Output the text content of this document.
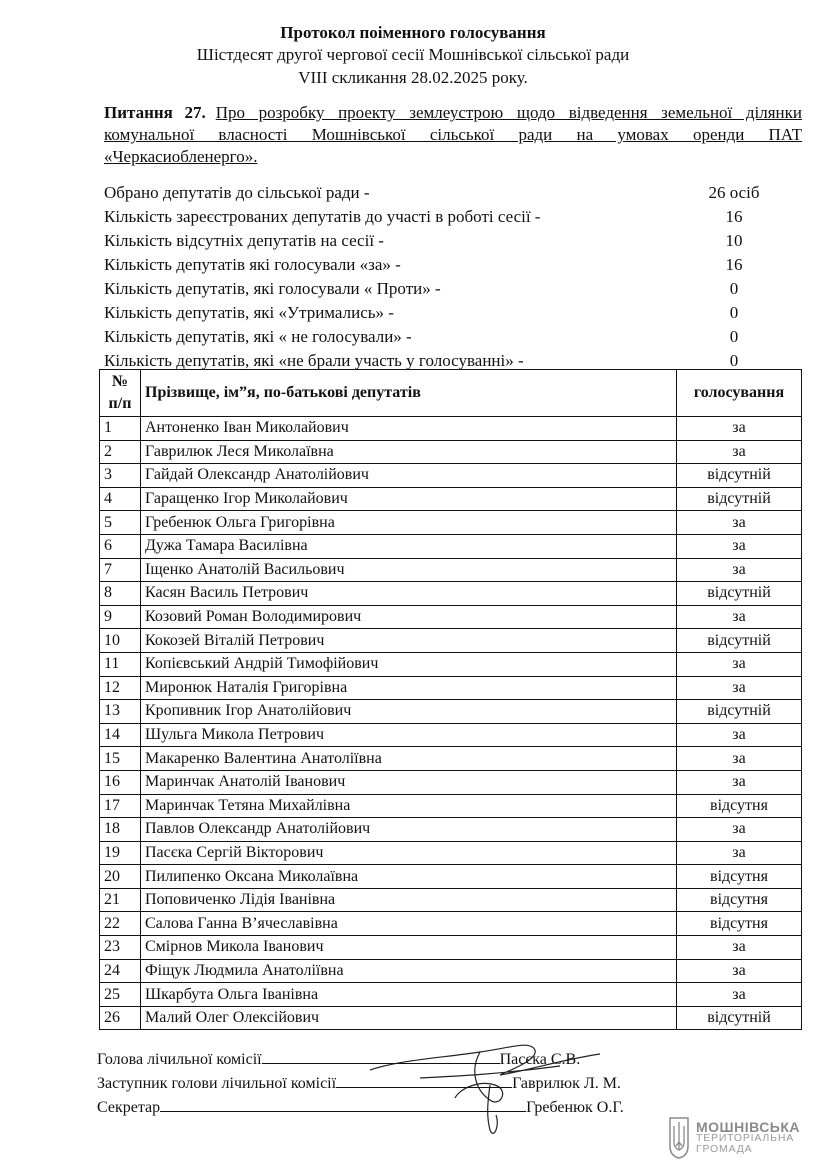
Протокол поіменного голосування
Шістдесят другої чергової сесії Мошнівської сільської ради
VIII скликання 28.02.2025 року.
Питання 27. Про розробку проекту землеустрою щодо відведення земельної ділянки комунальної власності Мошнівської сільської ради на умовах оренди ПАТ «Черкасиобленерго».
Обрано депутатів до сільської ради -	26 осіб
Кількість зареєстрованих депутатів до участі в роботі сесії -	16
Кількість відсутніх депутатів на сесії -	10
Кількість депутатів які голосували «за» -	16
Кількість депутатів, які голосували « Проти» -	0
Кількість депутатів, які «Утримались» -	0
Кількість депутатів, які « не голосували» -	0
Кількість депутатів, які «не брали участь у голосуванні» -	0
№ п/п	Прізвище, ім”я, по-батькові депутатів	голосування
1	Антоненко Іван Миколайович	за
2	Гаврилюк Леся Миколаївна	за
3	Гайдай Олександр Анатолійович	відсутній
4	Гаращенко Ігор Миколайович	відсутній
5	Гребенюк Ольга Григорівна	за
6	Дужа Тамара Василівна	за
7	Іщенко Анатолій Васильович	за
8	Касян Василь Петрович	відсутній
9	Козовий Роман Володимирович	за
10	Кокозей Віталій Петрович	відсутній
11	Копієвський Андрій Тимофійович	за
12	Миронюк Наталія Григорівна	за
13	Кропивник Ігор Анатолійович	відсутній
14	Шульга Микола Петрович	за
15	Макаренко Валентина Анатоліївна	за
16	Маринчак Анатолій Іванович	за
17	Маринчак Тетяна Михайлівна	відсутня
18	Павлов Олександр Анатолійович	за
19	Пасєка Сергій Вікторович	за
20	Пилипенко Оксана Миколаївна	відсутня
21	Поповиченко Лідія Іванівна	відсутня
22	Салова Ганна В’ячеславівна	відсутня
23	Смірнов Микола Іванович	за
24	Фіщук Людмила Анатоліївна	за
25	Шкарбута Ольга Іванівна	за
26	Малий Олег Олексійович	відсутній
Голова лічильної комісії	Пасєка С.В.
Заступник голови лічильної комісії	Гаврилюк Л. М.
Секретар	Гребенюк О.Г.
МОШНІВСЬКА
ТЕРИТОРІАЛЬНА
ГРОМАДА
